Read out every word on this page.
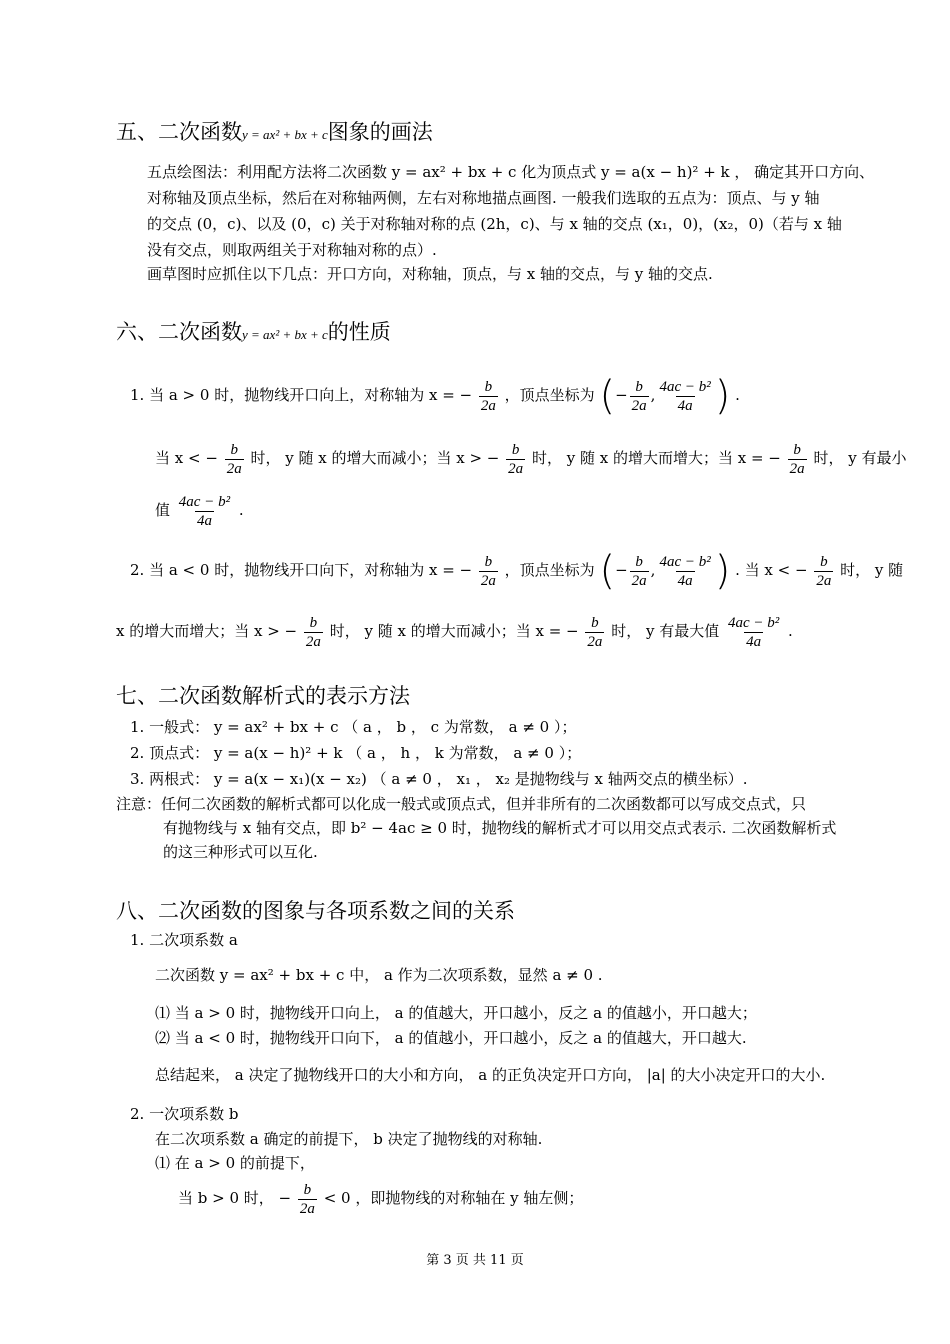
五、二次函数y = ax² + bx + c图象的画法
五点绘图法：利用配方法将二次函数 y = ax² + bx + c 化为顶点式 y = a(x − h)² + k ， 确定其开口方向、
对称轴及顶点坐标，然后在对称轴两侧，左右对称地描点画图. 一般我们选取的五点为：顶点、与 y 轴
的交点 (0，c)、以及 (0，c) 关于对称轴对称的点 (2h，c)、与 x 轴的交点 (x₁，0)，(x₂，0)（若与 x 轴
没有交点，则取两组关于对称轴对称的点）.
画草图时应抓住以下几点：开口方向，对称轴，顶点，与 x 轴的交点，与 y 轴的交点.
六、二次函数y = ax² + bx + c的性质
1. 当 a > 0 时，抛物线开口向上，对称轴为 x = − $\frac{b}{2a}$ ，顶点坐标为 (− $\frac{b}{2a}$ , $\frac{\text{4ac − b²}}{4a}$ ) .
当 x < − $\frac{b}{2a}$ 时， y 随 x 的增大而减小；当 x > − $\frac{b}{2a}$ 时， y 随 x 的增大而增大；当 x = − $\frac{b}{2a}$ 时， y 有最小
值 $\frac{\text{4ac − b²}}{4a}$ .
2. 当 a < 0 时，抛物线开口向下，对称轴为 x = − $\frac{b}{2a}$ ，顶点坐标为 (− $\frac{b}{2a}$ , $\frac{\text{4ac − b²}}{4a}$ ) . 当 x < − $\frac{b}{2a}$ 时， y 随
x 的增大而增大；当 x > − $\frac{b}{2a}$ 时， y 随 x 的增大而减小；当 x = − $\frac{b}{2a}$ 时， y 有最大值 $\frac{\text{4ac − b²}}{4a}$ .
七、二次函数解析式的表示方法
1. 一般式： y = ax² + bx + c （ a ， b ， c 为常数， a ≠ 0 ）；
2. 顶点式： y = a(x − h)² + k （ a ， h ， k 为常数， a ≠ 0 ）；
3. 两根式： y = a(x − x₁)(x − x₂) （ a ≠ 0 ， x₁ ， x₂ 是抛物线与 x 轴两交点的横坐标）.
注意：任何二次函数的解析式都可以化成一般式或顶点式，但并非所有的二次函数都可以写成交点式，只
有抛物线与 x 轴有交点，即 b² − 4ac ≥ 0 时，抛物线的解析式才可以用交点式表示. 二次函数解析式
的这三种形式可以互化.
八、二次函数的图象与各项系数之间的关系
1. 二次项系数 a
二次函数 y = ax² + bx + c 中， a 作为二次项系数，显然 a ≠ 0 .
⑴ 当 a > 0 时，抛物线开口向上， a 的值越大，开口越小，反之 a 的值越小，开口越大；
⑵ 当 a < 0 时，抛物线开口向下， a 的值越小，开口越小，反之 a 的值越大，开口越大.
总结起来， a 决定了抛物线开口的大小和方向， a 的正负决定开口方向， |a| 的大小决定开口的大小.
2. 一次项系数 b
在二次项系数 a 确定的前提下， b 决定了抛物线的对称轴.
⑴ 在 a > 0 的前提下，
当 b > 0 时， − $\frac{b}{2a} < 0$ ，即抛物线的对称轴在 y 轴左侧；
第 3 页 共 11 页
